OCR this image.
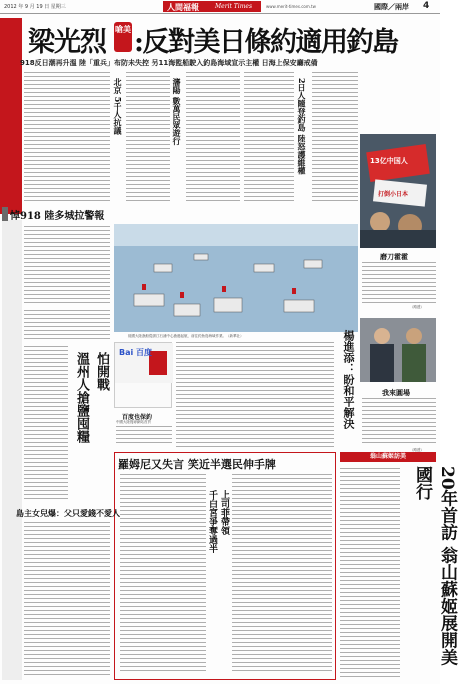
2012 年 9 月 19 日 星期三	人間福報	Merit Times	www.merit-times.com.tw	國際／兩岸 4
梁光烈 嗆美 :反對美日條約適用釣島
918反日潮再升溫 陸「重兵」布防未失控 另11海監船駛入釣島海域宣示主權 日海上保安廳戒備
北京 5千人抗議	瀋陽 數萬民眾遊行	2日人隨登釣島 陸怒護維權	13亿中国人
打倒小日本
磨刀霍霍
（路透）
悼918 陸多城拉警報
陸國大陸漁船從浙江石浦中心漁港起航，前往釣魚島海域作業。（新華社）	楊進添：盼和平解決	我來圓場
（路透）
Bai 百度
百度也保釣
中國大陸搜尋網站首頁
怕開戰
溫州人搶鹽囤糧
羅姆尼又失言 笑近半選民伸手牌
上司菲帶領
千白宮爭奪過半
島主女兒爆：父只愛錢不愛人
翁山蘇姬訪美
20年首訪 翁山蘇姬展開美國行
